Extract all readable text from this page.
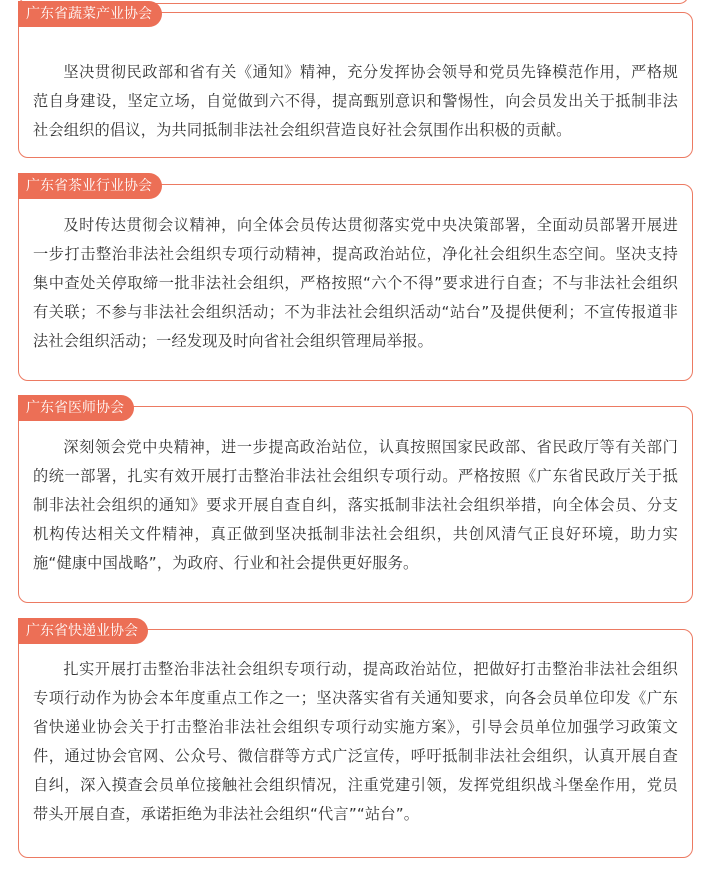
广东省蔬菜产业协会

坚决贯彻民政部和省有关《通知》精神，充分发挥协会领导和党员先锋模范作用，严格规范自身建设，坚定立场，自觉做到六不得，提高甄别意识和警惕性，向会员发出关于抵制非法社会组织的倡议，为共同抵制非法社会组织营造良好社会氛围作出积极的贡献。

广东省茶业行业协会

及时传达贯彻会议精神，向全体会员传达贯彻落实党中央决策部署，全面动员部署开展进一步打击整治非法社会组织专项行动精神，提高政治站位，净化社会组织生态空间。坚决支持集中查处关停取缔一批非法社会组织，严格按照“六个不得”要求进行自查；不与非法社会组织有关联；不参与非法社会组织活动；不为非法社会组织活动“站台”及提供便利；不宣传报道非法社会组织活动；一经发现及时向省社会组织管理局举报。

广东省医师协会

深刻领会党中央精神，进一步提高政治站位，认真按照国家民政部、省民政厅等有关部门的统一部署，扎实有效开展打击整治非法社会组织专项行动。严格按照《广东省民政厅关于抵制非法社会组织的通知》要求开展自查自纠，落实抵制非法社会组织举措，向全体会员、分支机构传达相关文件精神，真正做到坚决抵制非法社会组织，共创风清气正良好环境，助力实施“健康中国战略”，为政府、行业和社会提供更好服务。

广东省快递业协会

扎实开展打击整治非法社会组织专项行动，提高政治站位，把做好打击整治非法社会组织专项行动作为协会本年度重点工作之一；坚决落实省有关通知要求，向各会员单位印发《广东省快递业协会关于打击整治非法社会组织专项行动实施方案》，引导会员单位加强学习政策文件，通过协会官网、公众号、微信群等方式广泛宣传，呼吁抵制非法社会组织，认真开展自查自纠，深入摸查会员单位接触社会组织情况，注重党建引领，发挥党组织战斗堡垒作用，党员带头开展自查，承诺拒绝为非法社会组织“代言”“站台”。
